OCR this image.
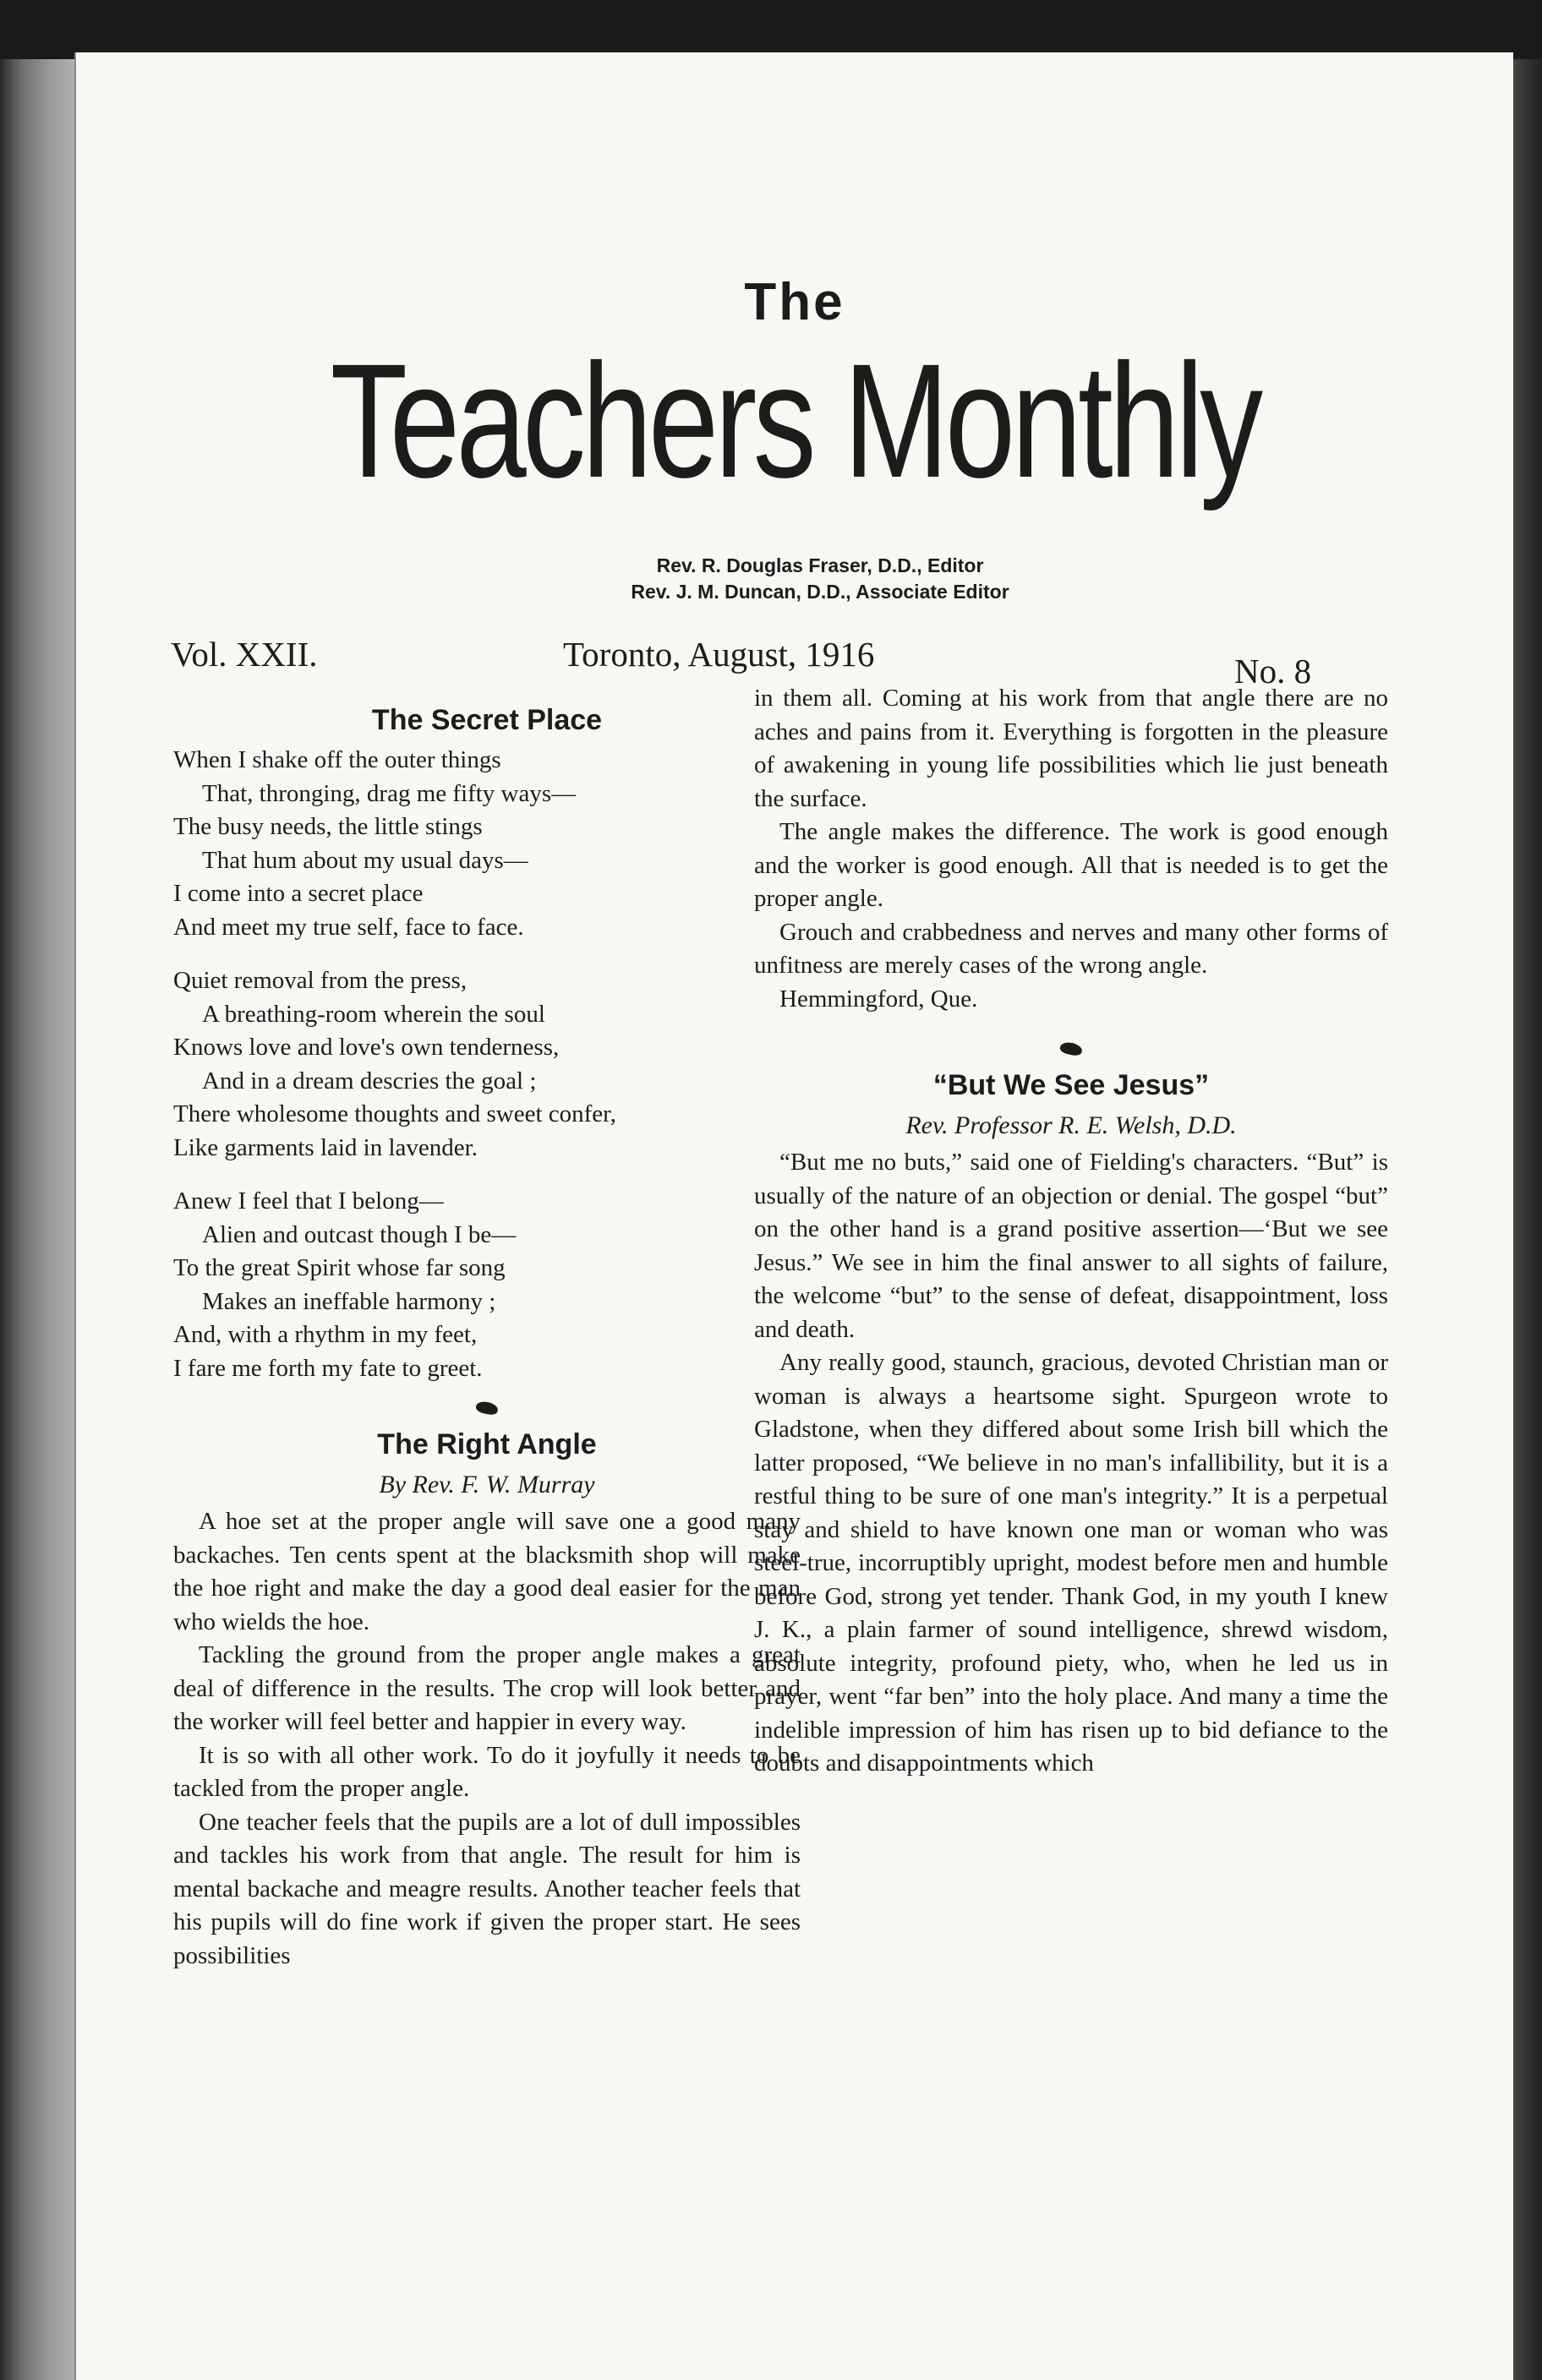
The
Teachers Monthly
Rev. R. Douglas Fraser, D.D., Editor
Rev. J. M. Duncan, D.D., Associate Editor
Vol. XXII.	Toronto, August, 1916	No. 8
The Secret Place
When I shake off the outer things
That, thronging, drag me fifty ways—
The busy needs, the little stings
That hum about my usual days—
I come into a secret place
And meet my true self, face to face.
Quiet removal from the press,
A breathing-room wherein the soul
Knows love and love's own tenderness,
And in a dream descries the goal ;
There wholesome thoughts and sweet confer,
Like garments laid in lavender.
Anew I feel that I belong—
Alien and outcast though I be—
To the great Spirit whose far song
Makes an ineffable harmony ;
And, with a rhythm in my feet,
I fare me forth my fate to greet.
The Right Angle
By Rev. F. W. Murray

A hoe set at the proper angle will save one a good many backaches. Ten cents spent at the blacksmith shop will make the hoe right and make the day a good deal easier for the man who wields the hoe.

Tackling the ground from the proper angle makes a great deal of difference in the results. The crop will look better and the worker will feel better and happier in every way.

It is so with all other work. To do it joyfully it needs to be tackled from the proper angle.

One teacher feels that the pupils are a lot of dull impossibles and tackles his work from that angle. The result for him is mental backache and meagre results. Another teacher feels that his pupils will do fine work if given the proper start. He sees possibilities

in them all. Coming at his work from that angle there are no aches and pains from it. Everything is forgotten in the pleasure of awakening in young life possibilities which lie just beneath the surface.

The angle makes the difference. The work is good enough and the worker is good enough. All that is needed is to get the proper angle.

Grouch and crabbedness and nerves and many other forms of unfitness are merely cases of the wrong angle.

Hemmingford, Que.
“But We See Jesus”
Rev. Professor R. E. Welsh, D.D.

“But me no buts,” said one of Fielding's characters. “But” is usually of the nature of an objection or denial. The gospel “but” on the other hand is a grand positive assertion—‘But we see Jesus.” We see in him the final answer to all sights of failure, the welcome “but” to the sense of defeat, disappointment, loss and death.

Any really good, staunch, gracious, devoted Christian man or woman is always a heartsome sight. Spurgeon wrote to Gladstone, when they differed about some Irish bill which the latter proposed, “We believe in no man's infallibility, but it is a restful thing to be sure of one man's integrity.” It is a perpetual stay and shield to have known one man or woman who was steel-true, incorruptibly upright, modest before men and humble before God, strong yet tender. Thank God, in my youth I knew J. K., a plain farmer of sound intelligence, shrewd wisdom, absolute integrity, profound piety, who, when he led us in prayer, went “far ben” into the holy place. And many a time the indelible impression of him has risen up to bid defiance to the doubts and disappointments which
